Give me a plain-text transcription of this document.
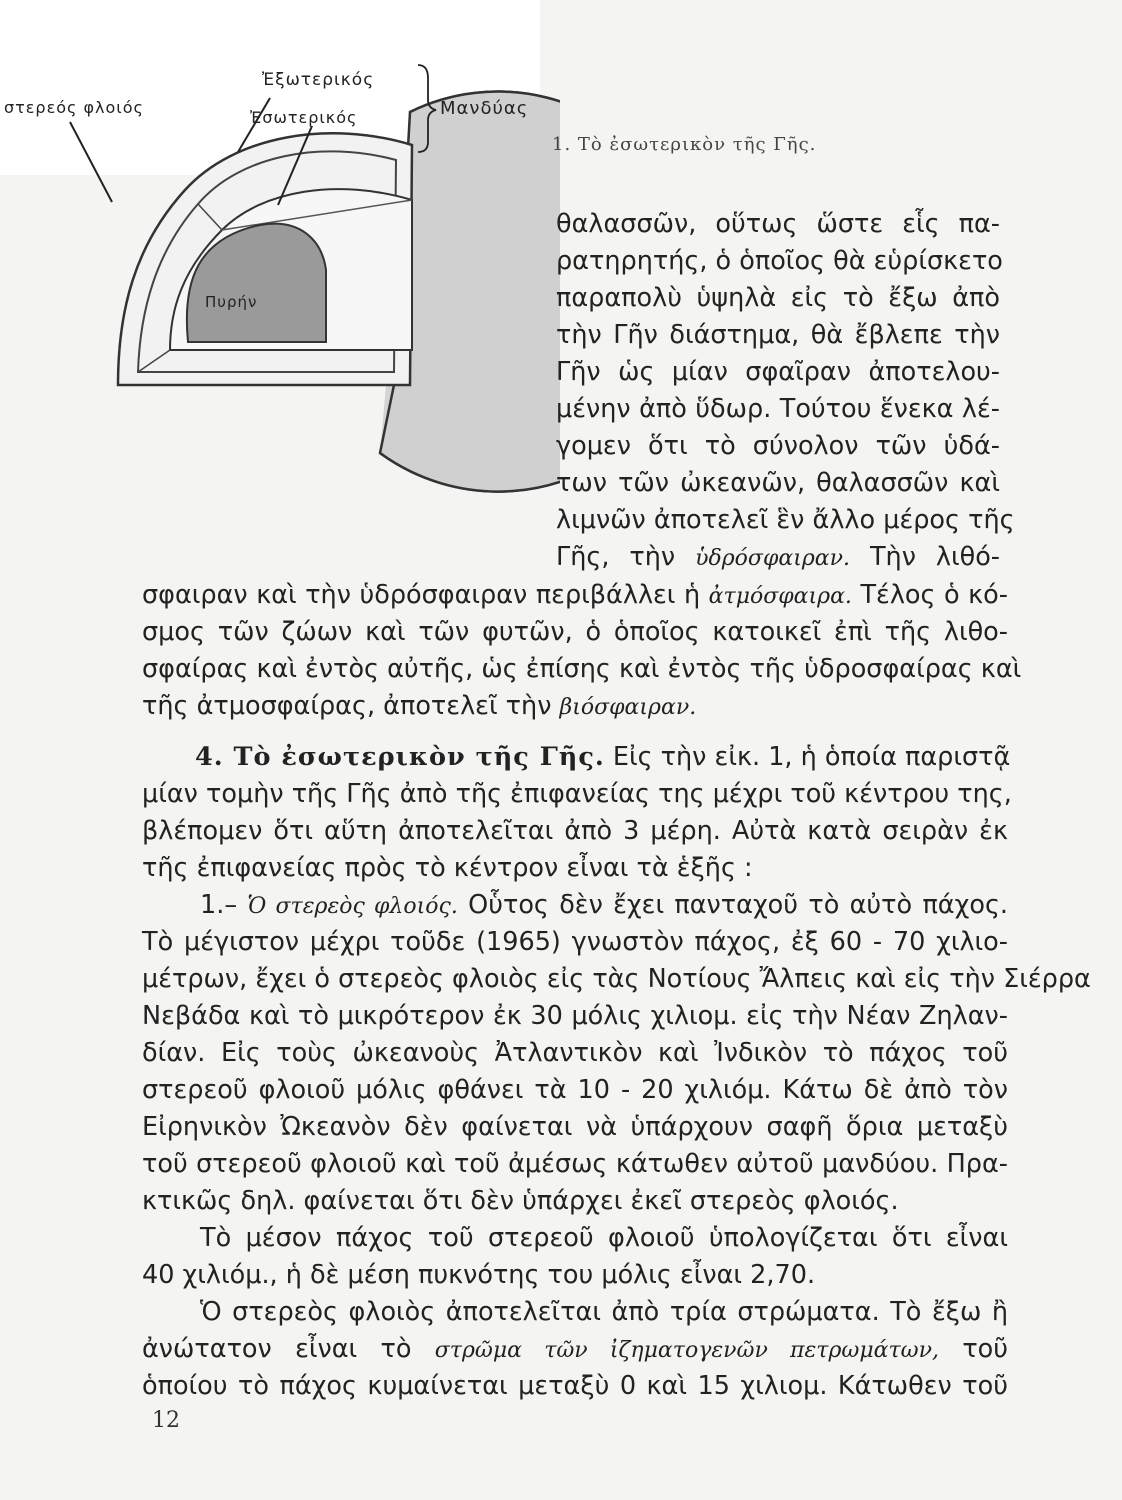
στερεός φλοιός
Ἐξωτερικός
Ἐσωτερικός	Μανδύας
Πυρήν
1. Τὸ ἐσωτερικὸν τῆς Γῆς.
θαλασσῶν, οὕτως ὥστε εἷς πα-
ρατηρητής, ὁ ὁποῖος θὰ εὑρίσκετο
παραπολὺ ὑψηλὰ εἰς τὸ ἔξω ἀπὸ
τὴν Γῆν διάστημα, θὰ ἔβλεπε τὴν
Γῆν ὡς μίαν σφαῖραν ἀποτελου-
μένην ἀπὸ ὕδωρ. Τούτου ἕνεκα λέ-
γομεν ὅτι τὸ σύνολον τῶν ὑδά-
των τῶν ὠκεανῶν, θαλασσῶν καὶ
λιμνῶν ἀποτελεῖ ἓν ἄλλο μέρος τῆς
Γῆς, τὴν ὑδρόσφαιραν. Τὴν λιθό-
σφαιραν καὶ τὴν ὑδρόσφαιραν περιβάλλει ἡ ἀτμόσφαιρα. Τέλος ὁ κό-
σμος τῶν ζώων καὶ τῶν φυτῶν, ὁ ὁποῖος κατοικεῖ ἐπὶ τῆς λιθο-
σφαίρας καὶ ἐντὸς αὐτῆς, ὡς ἐπίσης καὶ ἐντὸς τῆς ὑδροσφαίρας καὶ
τῆς ἀτμοσφαίρας, ἀποτελεῖ τὴν βιόσφαιραν.
4. Τὸ ἐσωτερικὸν τῆς Γῆς. Εἰς τὴν εἰκ. 1, ἡ ὁποία παριστᾷ
μίαν τομὴν τῆς Γῆς ἀπὸ τῆς ἐπιφανείας της μέχρι τοῦ κέντρου της,
βλέπομεν ὅτι αὕτη ἀποτελεῖται ἀπὸ 3 μέρη. Αὐτὰ κατὰ σειρὰν ἐκ
τῆς ἐπιφανείας πρὸς τὸ κέντρον εἶναι τὰ ἑξῆς :
1.– Ὁ στερεὸς φλοιός. Οὗτος δὲν ἔχει πανταχοῦ τὸ αὐτὸ πάχος.
Τὸ μέγιστον μέχρι τοῦδε (1965) γνωστὸν πάχος, ἐξ 60 - 70 χιλιο-
μέτρων, ἔχει ὁ στερεὸς φλοιὸς εἰς τὰς Νοτίους Ἄλπεις καὶ εἰς τὴν Σιέρρα
Νεβάδα καὶ τὸ μικρότερον ἐκ 30 μόλις χιλιομ. εἰς τὴν Νέαν Ζηλαν-
δίαν. Εἰς τοὺς ὠκεανοὺς Ἀτλαντικὸν καὶ Ἰνδικὸν τὸ πάχος τοῦ
στερεοῦ φλοιοῦ μόλις φθάνει τὰ 10 - 20 χιλιόμ. Κάτω δὲ ἀπὸ τὸν
Εἰρηνικὸν Ὠκεανὸν δὲν φαίνεται νὰ ὑπάρχουν σαφῆ ὅρια μεταξὺ
τοῦ στερεοῦ φλοιοῦ καὶ τοῦ ἀμέσως κάτωθεν αὐτοῦ μανδύου. Πρα-
κτικῶς δηλ. φαίνεται ὅτι δὲν ὑπάρχει ἐκεῖ στερεὸς φλοιός.
Τὸ μέσον πάχος τοῦ στερεοῦ φλοιοῦ ὑπολογίζεται ὅτι εἶναι
40 χιλιόμ., ἡ δὲ μέση πυκνότης του μόλις εἶναι 2,70.
Ὁ στερεὸς φλοιὸς ἀποτελεῖται ἀπὸ τρία στρώματα. Τὸ ἔξω ἢ
ἀνώτατον εἶναι τὸ στρῶμα τῶν ἰζηματογενῶν πετρωμάτων, τοῦ
ὁποίου τὸ πάχος κυμαίνεται μεταξὺ 0 καὶ 15 χιλιομ. Κάτωθεν τοῦ
12
